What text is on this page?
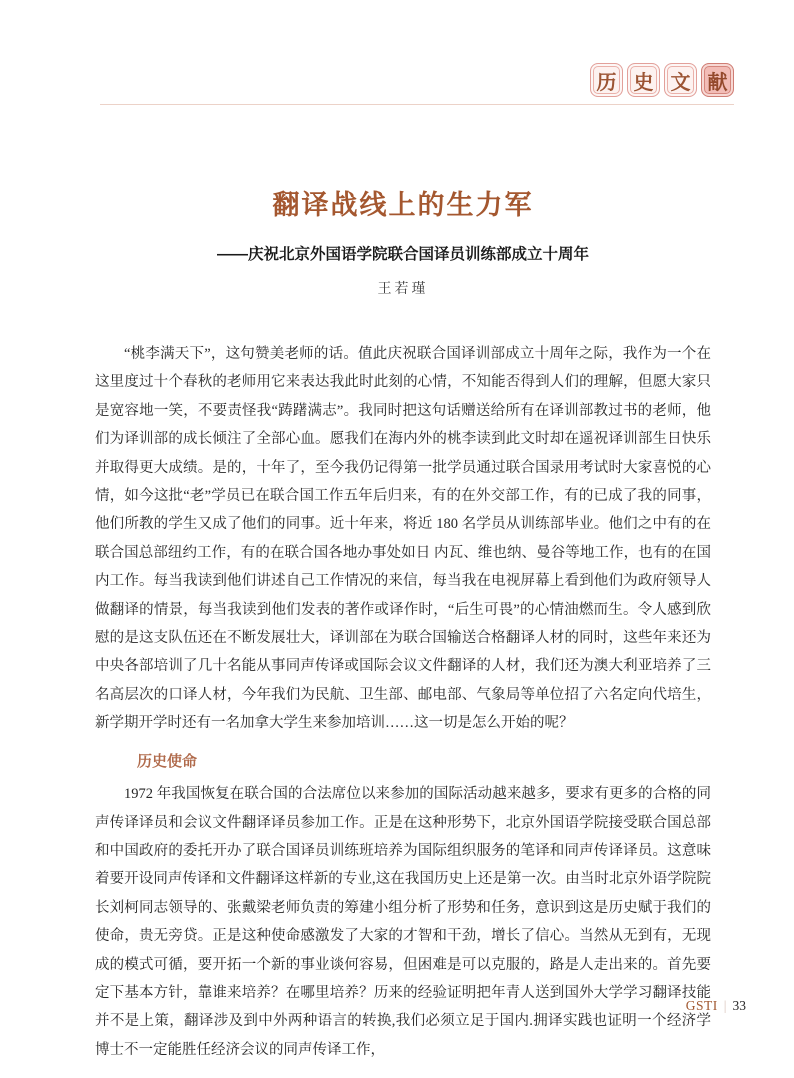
历 史 文 献
翻译战线上的生力军
——庆祝北京外国语学院联合国译员训练部成立十周年
王若瑾

“桃李满天下”，这句赞美老师的话。值此庆祝联合国译训部成立十周年之际，我作为一个在这里度过十个春秋的老师用它来表达我此时此刻的心情，不知能否得到人们的理解，但愿大家只是宽容地一笑，不要责怪我“踌躇满志”。我同时把这句话赠送给所有在译训部教过书的老师，他们为译训部的成长倾注了全部心血。愿我们在海内外的桃李读到此文时却在遥祝译训部生日快乐并取得更大成绩。是的，十年了，至今我仍记得第一批学员通过联合国录用考试时大家喜悦的心情，如今这批“老”学员已在联合国工作五年后归来，有的在外交部工作，有的已成了我的同事，他们所教的学生又成了他们的同事。近十年来，将近 180 名学员从训练部毕业。他们之中有的在联合国总部纽约工作，有的在联合国各地办事处如日 内瓦、维也纳、曼谷等地工作，也有的在国内工作。每当我读到他们讲述自己工作情况的来信，每当我在电视屏幕上看到他们为政府领导人做翻译的情景，每当我读到他们发表的著作或译作时，“后生可畏”的心情油燃而生。令人感到欣慰的是这支队伍还在不断发展壮大，译训部在为联合国输送合格翻译人材的同时，这些年来还为中央各部培训了几十名能从事同声传译或国际会议文件翻译的人材，我们还为澳大利亚培养了三名高层次的口译人材，今年我们为民航、卫生部、邮电部、气象局等单位招了六名定向代培生，新学期开学时还有一名加拿大学生来参加培训……这一切是怎么开始的呢？

历史使命

1972 年我国恢复在联合国的合法席位以来参加的国际活动越来越多，要求有更多的合格的同声传译译员和会议文件翻译译员参加工作。正是在这种形势下，北京外国语学院接受联合国总部和中国政府的委托开办了联合国译员训练班培养为国际组织服务的笔译和同声传译译员。这意味着要开设同声传译和文件翻译这样新的专业,这在我国历史上还是第一次。由当时北京外语学院院长刘柯同志领导的、张戴梁老师负责的筹建小组分析了形势和任务，意识到这是历史赋于我们的使命，贵无旁贷。正是这种使命感激发了大家的才智和干劲，增长了信心。当然从无到有，无现成的模式可循，要开拓一个新的事业谈何容易，但困难是可以克服的，路是人走出来的。首先要定下基本方针，靠谁来培养？在哪里培养？历来的经验证明把年青人送到国外大学学习翻译技能并不是上策，翻译涉及到中外两种语言的转换,我们必须立足于国内.拥译实践也证明一个经济学博士不一定能胜任经济会议的同声传译工作，

GSTI | 33
